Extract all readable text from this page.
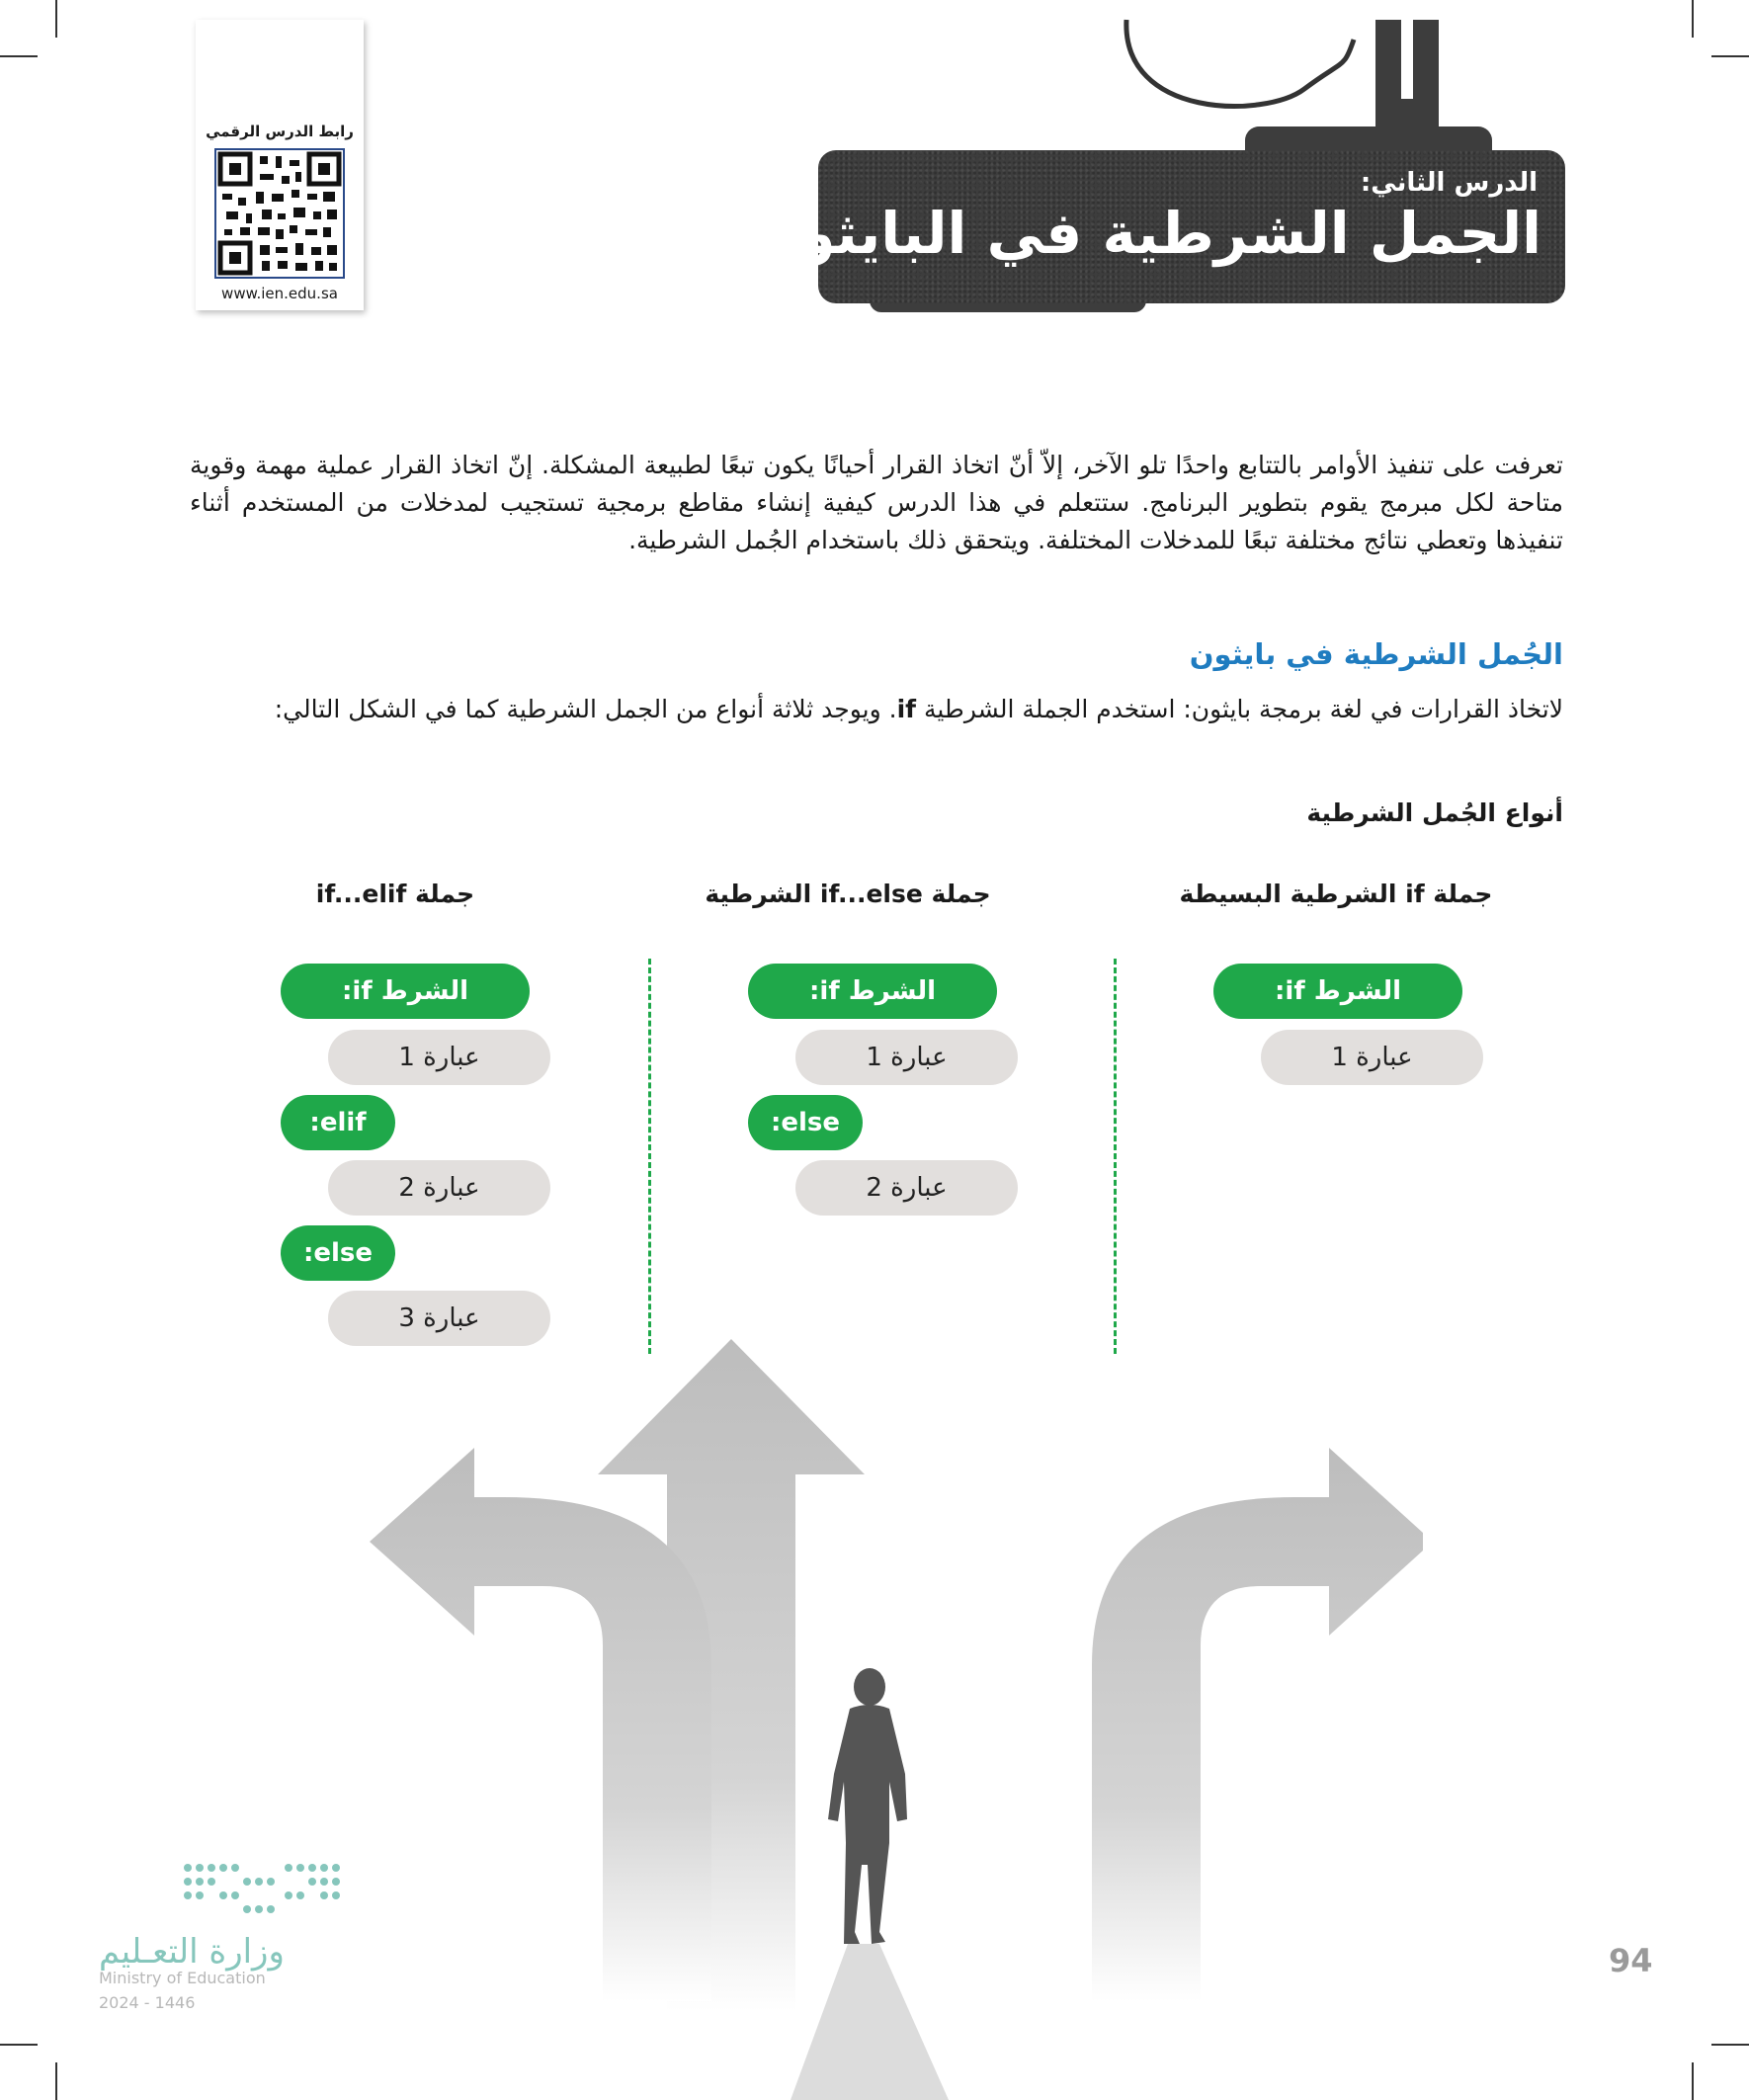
رابط الدرس الرقمي
www.ien.edu.sa
الدرس الثاني:
الجمل الشرطية في البايثون
تعرفت على تنفيذ الأوامر بالتتابع واحدًا تلو الآخر، إلاّ أنّ اتخاذ القرار أحيانًا يكون تبعًا لطبيعة المشكلة. إنّ اتخاذ القرار عملية مهمة وقوية متاحة لكل مبرمج يقوم بتطوير البرنامج. ستتعلم في هذا الدرس كيفية إنشاء مقاطع برمجية تستجيب لمدخلات من المستخدم أثناء تنفيذها وتعطي نتائج مختلفة تبعًا للمدخلات المختلفة. ويتحقق ذلك باستخدام الجُمل الشرطية.
الجُمل الشرطية في بايثون
لاتخاذ القرارات في لغة برمجة بايثون: استخدم الجملة الشرطية if. ويوجد ثلاثة أنواع من الجمل الشرطية كما في الشكل التالي:
أنواع الجُمل الشرطية
جملة if الشرطية البسيطة
جملة if...else الشرطية
جملة if...elif
الشرط if:
عبارة 1
الشرط if:
عبارة 1
else:
عبارة 2
الشرط if:
عبارة 1
elif:
عبارة 2
else:
عبارة 3
وزارة التعـليم
Ministry of Education
2024 - 1446
94
